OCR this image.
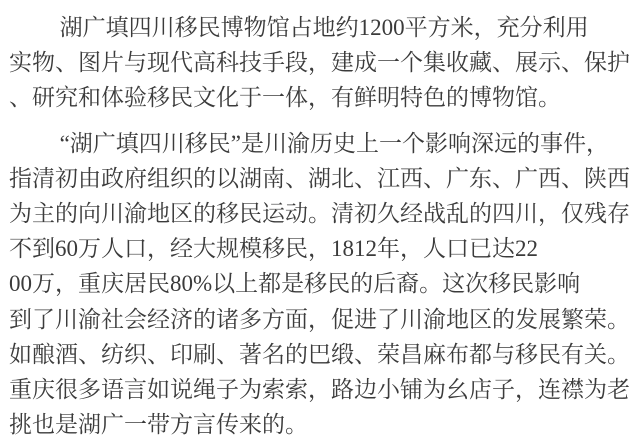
湖广填四川移民博物馆占地约1200平方米，充分利用
实物、图片与现代高科技手段，建成一个集收藏、展示、保护
、研究和体验移民文化于一体，有鲜明特色的博物馆。

“湖广填四川移民”是川渝历史上一个影响深远的事件，
指清初由政府组织的以湖南、湖北、江西、广东、广西、陕西
为主的向川渝地区的移民运动。清初久经战乱的四川，仅残存
不到60万人口，经大规模移民，1812年，人口已达22
00万，重庆居民80%以上都是移民的后裔。这次移民影响
到了川渝社会经济的诸多方面，促进了川渝地区的发展繁荣。
如酿酒、纺织、印刷、著名的巴缎、荣昌麻布都与移民有关。
重庆很多语言如说绳子为索索，路边小铺为幺店子，连襟为老
挑也是湖广一带方言传来的。
